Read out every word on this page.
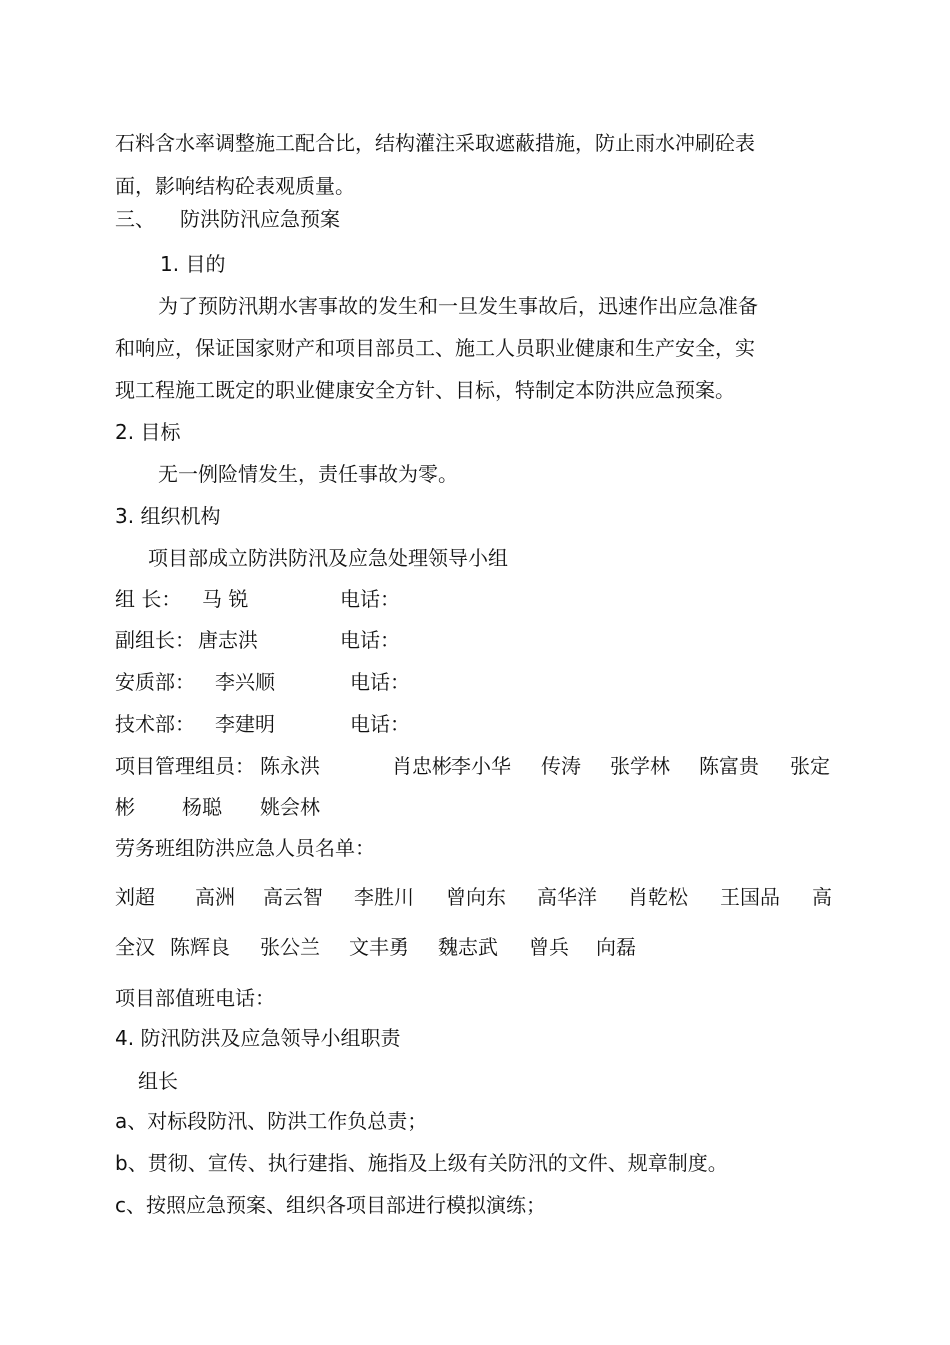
石料含水率调整施工配合比，结构灌注采取遮蔽措施，防止雨水冲刷砼表
面，影响结构砼表观质量。
三、 防洪防汛应急预案
1. 目的
为了预防汛期水害事故的发生和一旦发生事故后，迅速作出应急准备
和响应，保证国家财产和项目部员工、施工人员职业健康和生产安全，实
现工程施工既定的职业健康安全方针、目标，特制定本防洪应急预案。
2. 目标
无一例险情发生，责任事故为零。
3. 组织机构
项目部成立防洪防汛及应急处理领导小组
组 长： 马 锐	电话：
副组长： 唐志洪	电话：
安质部： 李兴顺	电话：
技术部： 李建明	电话：
项目管理组员： 陈永洪	肖忠彬 李小华 传涛 张学林 陈富贵 张定
彬 杨聪 姚会林
劳务班组防洪应急人员名单：
刘超 高洲 高云智 李胜川 曾向东 高华洋 肖乾松 王国品 高
全汉 陈辉良 张公兰 文丰勇 魏志武 曾兵 向磊
项目部值班电话：
4. 防汛防洪及应急领导小组职责
组长
a、对标段防汛、防洪工作负总责；
b、贯彻、宣传、执行建指、施指及上级有关防汛的文件、规章制度。
c、按照应急预案、组织各项目部进行模拟演练；
